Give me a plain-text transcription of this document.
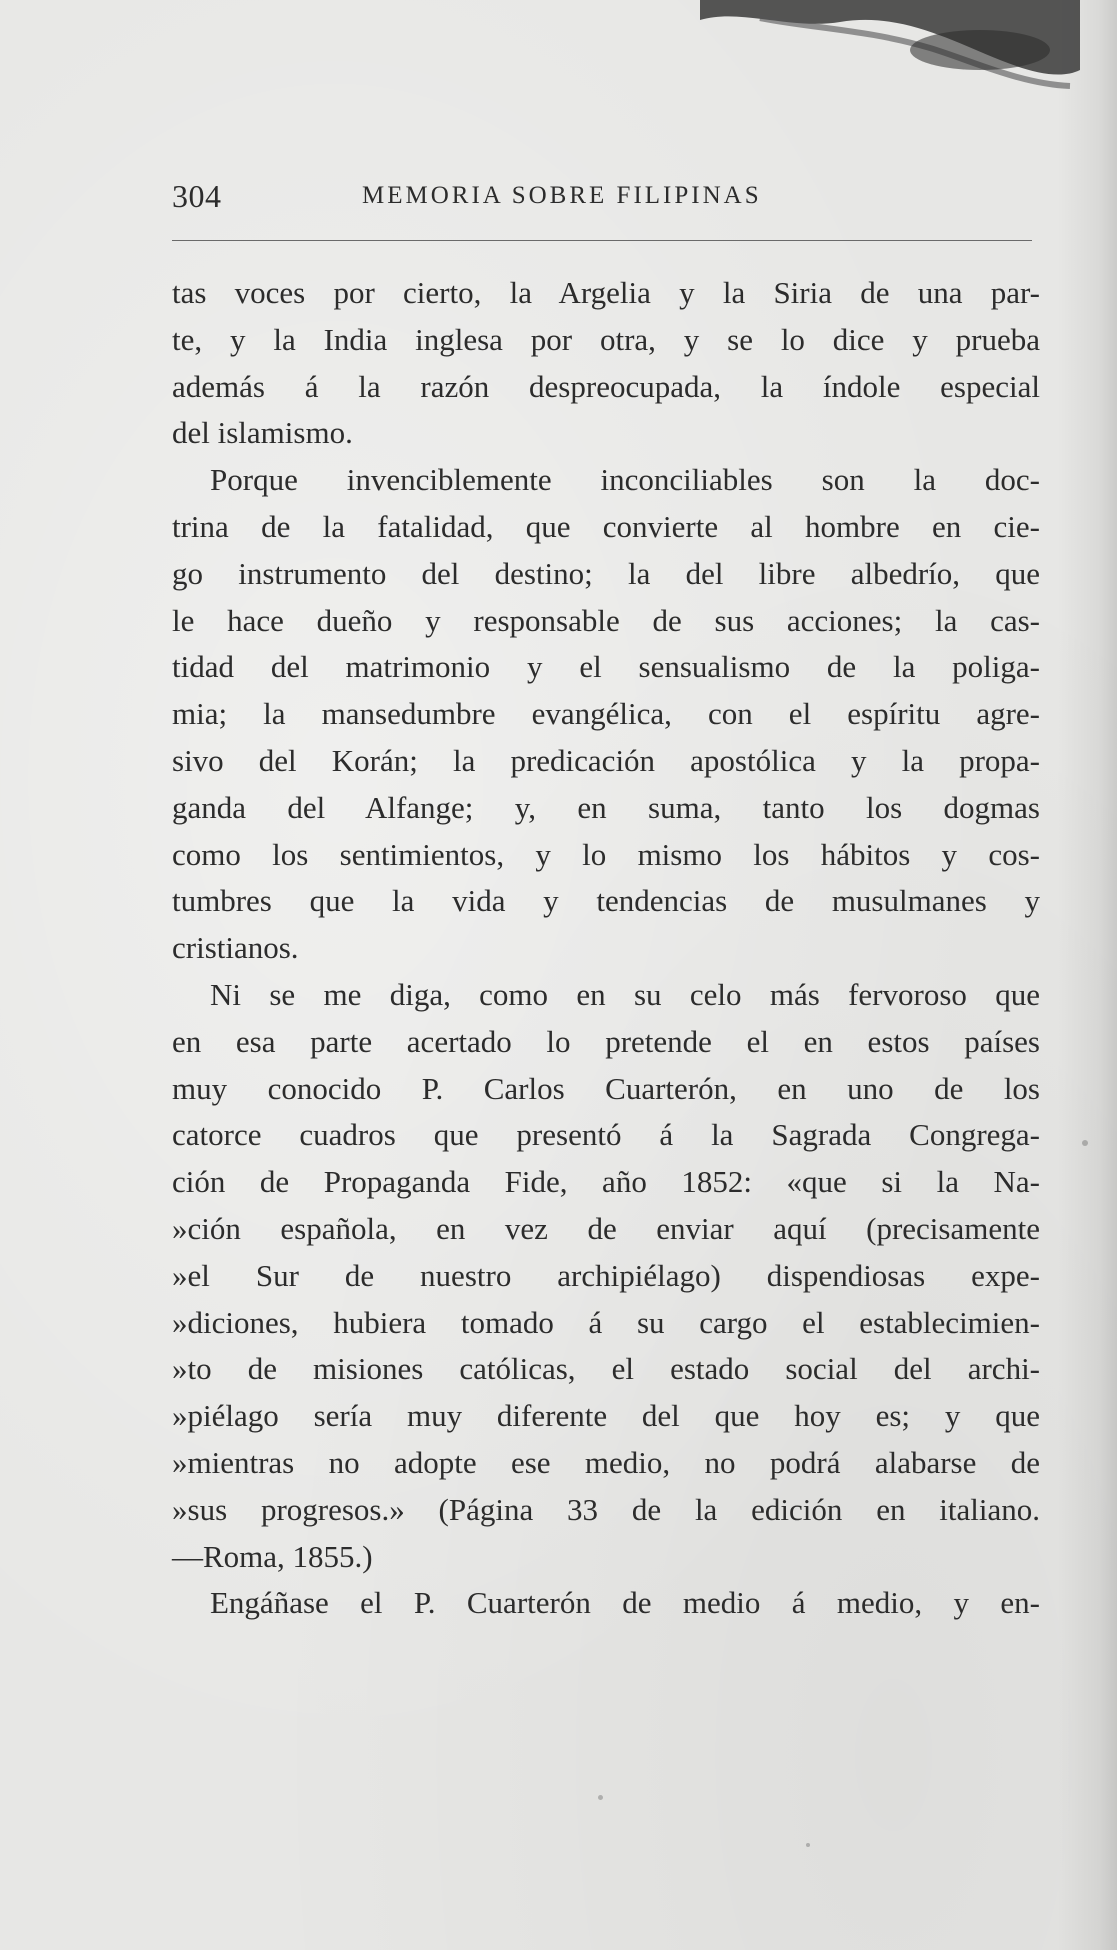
304	MEMORIA SOBRE FILIPINAS
tas voces por cierto, la Argelia y la Siria de una par-
te, y la India inglesa por otra, y se lo dice y prueba
además á la razón despreocupada, la índole especial
del islamismo.
Porque invenciblemente inconciliables son la doc-
trina de la fatalidad, que convierte al hombre en cie-
go instrumento del destino; la del libre albedrío, que
le hace dueño y responsable de sus acciones; la cas-
tidad del matrimonio y el sensualismo de la poliga-
mia; la mansedumbre evangélica, con el espíritu agre-
sivo del Korán; la predicación apostólica y la propa-
ganda del Alfange; y, en suma, tanto los dogmas
como los sentimientos, y lo mismo los hábitos y cos-
tumbres que la vida y tendencias de musulmanes y
cristianos.
Ni se me diga, como en su celo más fervoroso que
en esa parte acertado lo pretende el en estos países
muy conocido P. Carlos Cuarterón, en uno de los
catorce cuadros que presentó á la Sagrada Congrega-
ción de Propaganda Fide, año 1852: «que si la Na-
»ción española, en vez de enviar aquí (precisamente
»el Sur de nuestro archipiélago) dispendiosas expe-
»diciones, hubiera tomado á su cargo el establecimien-
»to de misiones católicas, el estado social del archi-
»piélago sería muy diferente del que hoy es; y que
»mientras no adopte ese medio, no podrá alabarse de
»sus progresos.» (Página 33 de la edición en italiano.
—Roma, 1855.)
Engáñase el P. Cuarterón de medio á medio, y en-
